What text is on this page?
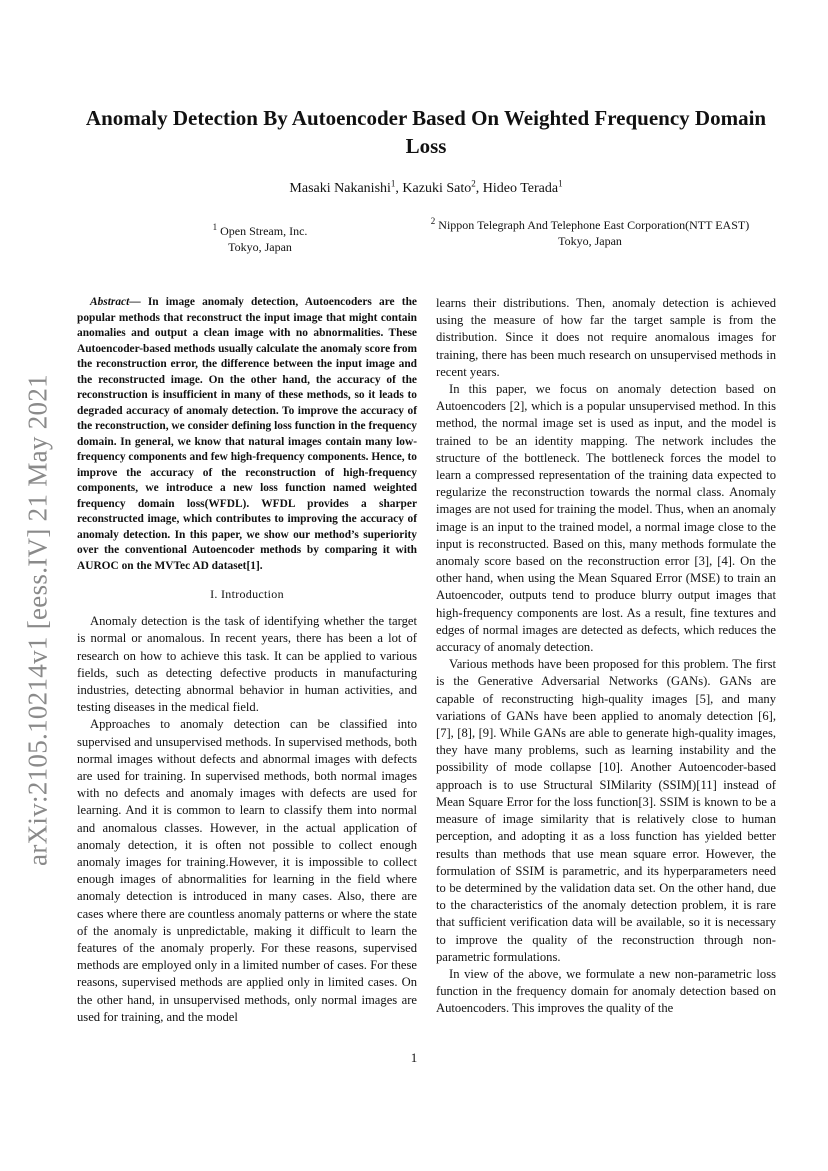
arXiv:2105.10214v1 [eess.IV] 21 May 2021
Anomaly Detection By Autoencoder Based On Weighted Frequency Domain Loss
Masaki Nakanishi$^1$, Kazuki Sato$^2$, Hideo Terada$^1$
$^1$ Open Stream, Inc.
Tokyo, Japan
$^2$ Nippon Telegraph And Telephone East Corporation(NTT EAST)
Tokyo, Japan

Abstract— In image anomaly detection, Autoencoders are the popular methods that reconstruct the input image that might contain anomalies and output a clean image with no abnormalities. These Autoencoder-based methods usually calculate the anomaly score from the reconstruction error, the difference between the input image and the reconstructed image. On the other hand, the accuracy of the reconstruction is insufficient in many of these methods, so it leads to degraded accuracy of anomaly detection. To improve the accuracy of the reconstruction, we consider defining loss function in the frequency domain. In general, we know that natural images contain many low-frequency components and few high-frequency components. Hence, to improve the accuracy of the reconstruction of high-frequency components, we introduce a new loss function named weighted frequency domain loss(WFDL). WFDL provides a sharper reconstructed image, which contributes to improving the accuracy of anomaly detection. In this paper, we show our method’s superiority over the conventional Autoencoder methods by comparing it with AUROC on the MVTec AD dataset[1].

I. Introduction

Anomaly detection is the task of identifying whether the target is normal or anomalous. In recent years, there has been a lot of research on how to achieve this task. It can be applied to various fields, such as detecting defective products in manufacturing industries, detecting abnormal behavior in human activities, and testing diseases in the medical field.

Approaches to anomaly detection can be classified into supervised and unsupervised methods. In supervised methods, both normal images without defects and abnormal images with defects are used for training. In supervised methods, both normal images with no defects and anomaly images with defects are used for learning. And it is common to learn to classify them into normal and anomalous classes. However, in the actual application of anomaly detection, it is often not possible to collect enough anomaly images for training.However, it is impossible to collect enough images of abnormalities for learning in the field where anomaly detection is introduced in many cases. Also, there are cases where there are countless anomaly patterns or where the state of the anomaly is unpredictable, making it difficult to learn the features of the anomaly properly. For these reasons, supervised methods are employed only in a limited number of cases. For these reasons, supervised methods are applied only in limited cases. On the other hand, in unsupervised methods, only normal images are used for training, and the model

learns their distributions. Then, anomaly detection is achieved using the measure of how far the target sample is from the distribution. Since it does not require anomalous images for training, there has been much research on unsupervised methods in recent years.

In this paper, we focus on anomaly detection based on Autoencoders [2], which is a popular unsupervised method. In this method, the normal image set is used as input, and the model is trained to be an identity mapping. The network includes the structure of the bottleneck. The bottleneck forces the model to learn a compressed representation of the training data expected to regularize the reconstruction towards the normal class. Anomaly images are not used for training the model. Thus, when an anomaly image is an input to the trained model, a normal image close to the input is reconstructed. Based on this, many methods formulate the anomaly score based on the reconstruction error [3], [4]. On the other hand, when using the Mean Squared Error (MSE) to train an Autoencoder, outputs tend to produce blurry output images that high-frequency components are lost. As a result, fine textures and edges of normal images are detected as defects, which reduces the accuracy of anomaly detection.

Various methods have been proposed for this problem. The first is the Generative Adversarial Networks (GANs). GANs are capable of reconstructing high-quality images [5], and many variations of GANs have been applied to anomaly detection [6], [7], [8], [9]. While GANs are able to generate high-quality images, they have many problems, such as learning instability and the possibility of mode collapse [10]. Another Autoencoder-based approach is to use Structural SIMilarity (SSIM)[11] instead of Mean Square Error for the loss function[3]. SSIM is known to be a measure of image similarity that is relatively close to human perception, and adopting it as a loss function has yielded better results than methods that use mean square error. However, the formulation of SSIM is parametric, and its hyperparameters need to be determined by the validation data set. On the other hand, due to the characteristics of the anomaly detection problem, it is rare that sufficient verification data will be available, so it is necessary to improve the quality of the reconstruction through non-parametric formulations.

In view of the above, we formulate a new non-parametric loss function in the frequency domain for anomaly detection based on Autoencoders. This improves the quality of the

1
